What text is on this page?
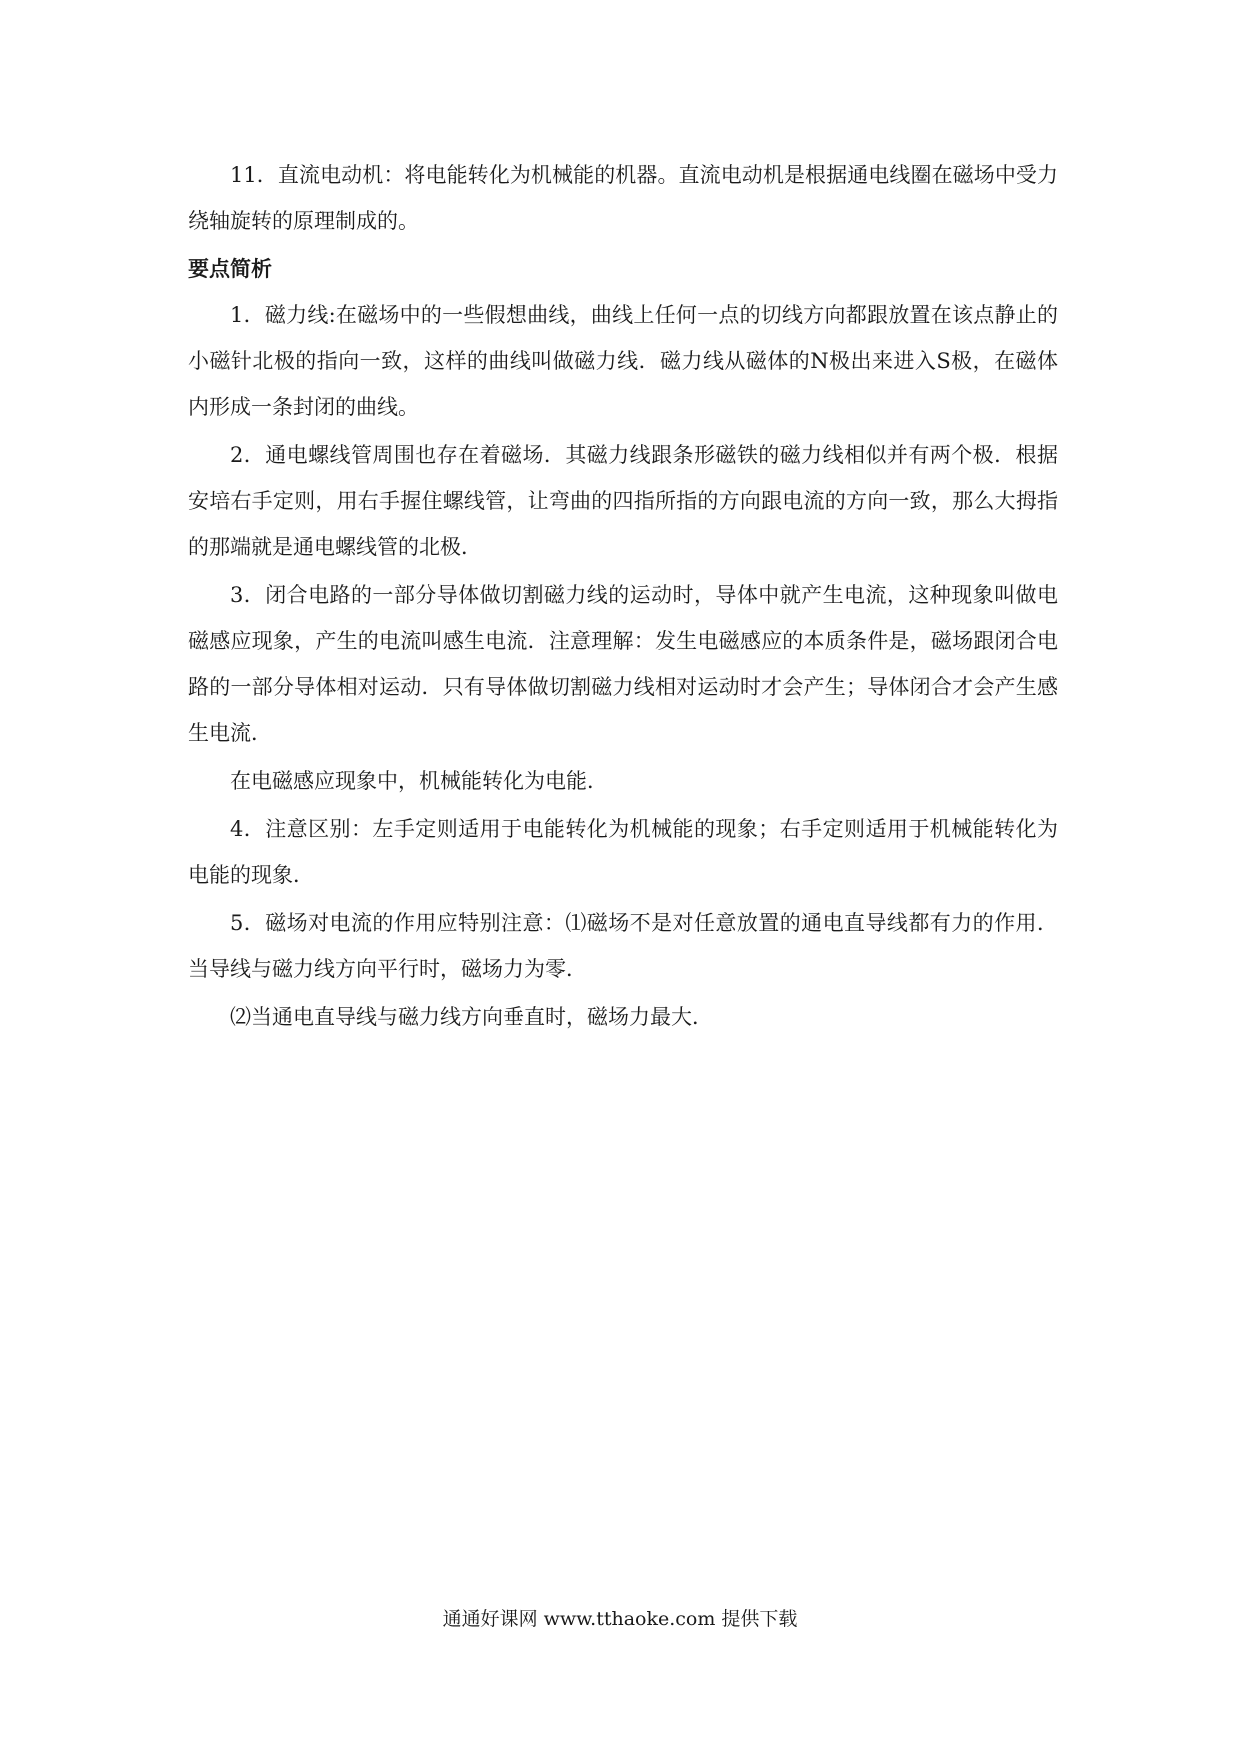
11．直流电动机：将电能转化为机械能的机器。直流电动机是根据通电线圈在磁场中受力绕轴旋转的原理制成的。

要点简析

1．磁力线:在磁场中的一些假想曲线，曲线上任何一点的切线方向都跟放置在该点静止的小磁针北极的指向一致，这样的曲线叫做磁力线．磁力线从磁体的N极出来进入S极，在磁体内形成一条封闭的曲线。

2．通电螺线管周围也存在着磁场．其磁力线跟条形磁铁的磁力线相似并有两个极．根据安培右手定则，用右手握住螺线管，让弯曲的四指所指的方向跟电流的方向一致，那么大拇指的那端就是通电螺线管的北极．

3．闭合电路的一部分导体做切割磁力线的运动时，导体中就产生电流，这种现象叫做电磁感应现象，产生的电流叫感生电流．注意理解：发生电磁感应的本质条件是，磁场跟闭合电路的一部分导体相对运动．只有导体做切割磁力线相对运动时才会产生；导体闭合才会产生感生电流．

在电磁感应现象中，机械能转化为电能．

4．注意区别：左手定则适用于电能转化为机械能的现象；右手定则适用于机械能转化为电能的现象．

5．磁场对电流的作用应特别注意：⑴磁场不是对任意放置的通电直导线都有力的作用．当导线与磁力线方向平行时，磁场力为零．

⑵当通电直导线与磁力线方向垂直时，磁场力最大．

通通好课网 www.tthaoke.com 提供下载
